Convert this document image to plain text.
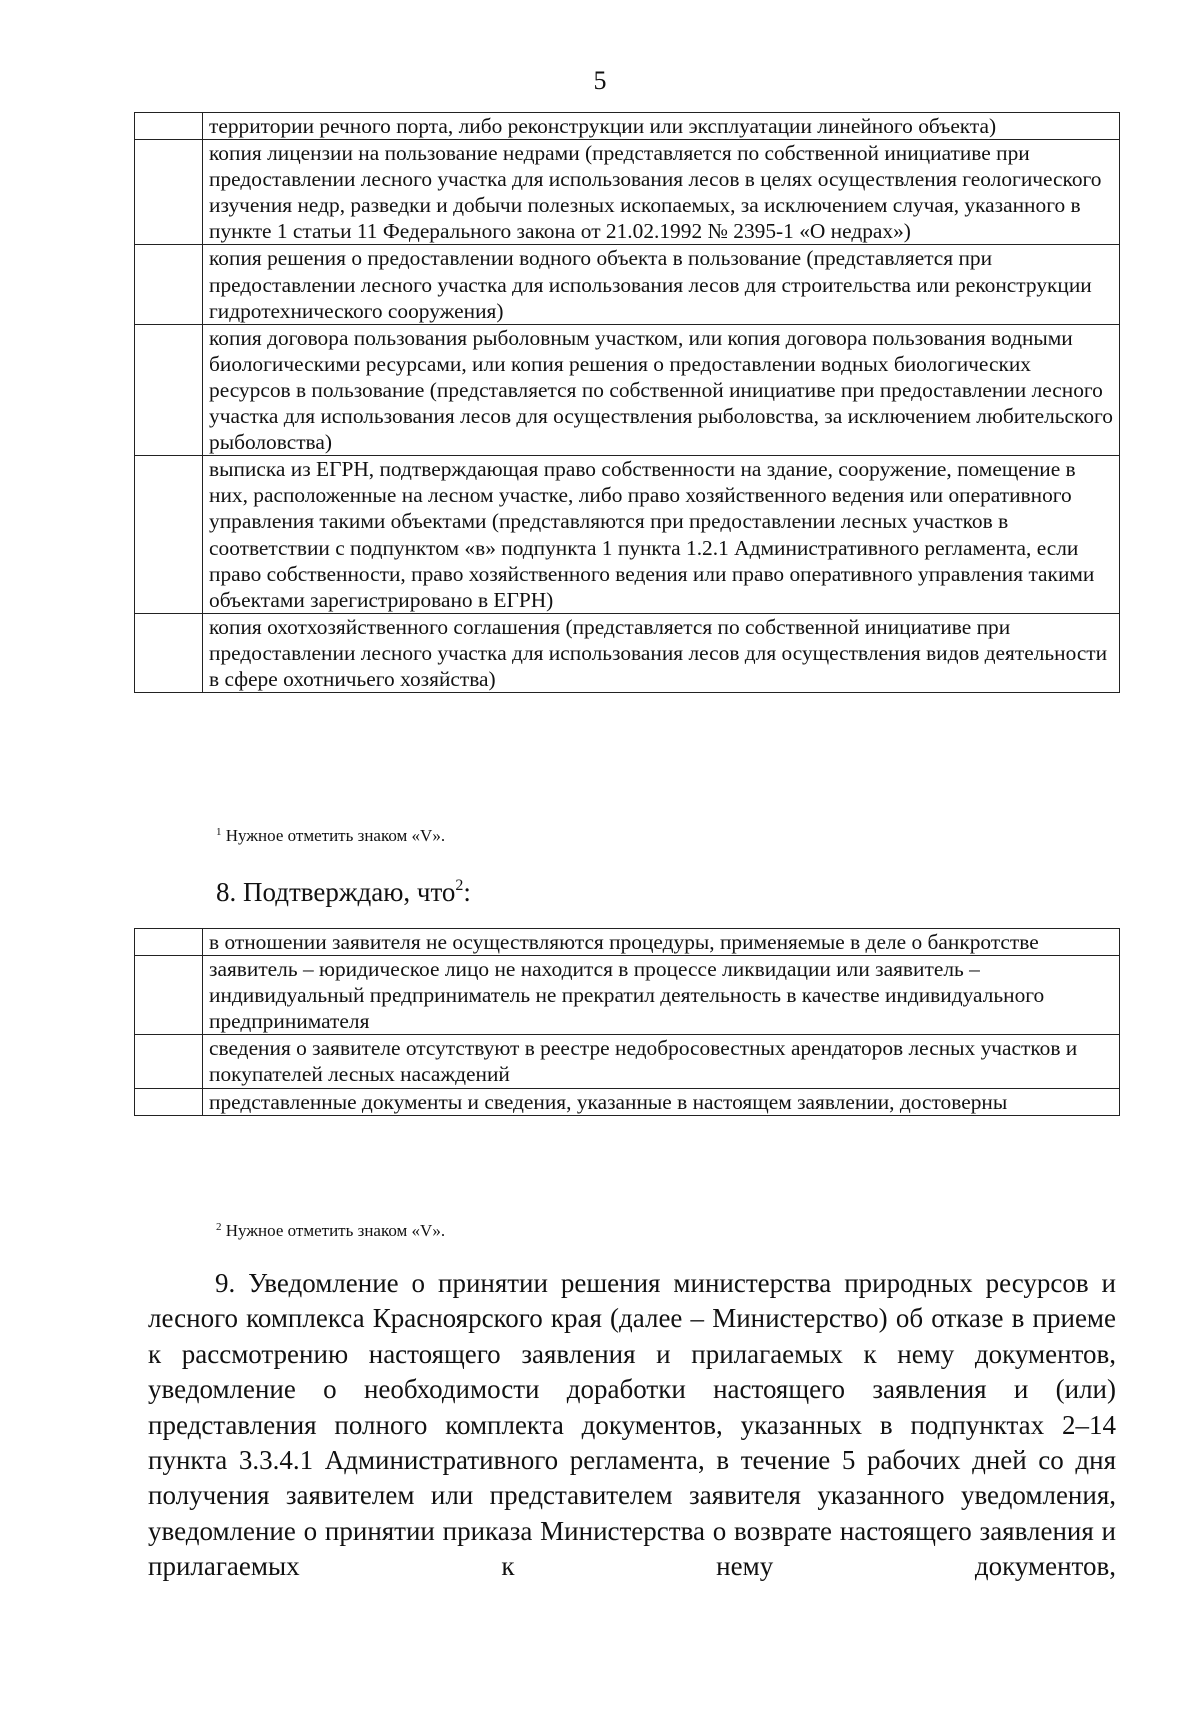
5
	территории речного порта, либо реконструкции или эксплуатации линейного объекта)
	копия лицензии на пользование недрами (представляется по собственной инициативе при предоставлении лесного участка для использования лесов в целях осуществления геологического изучения недр, разведки и добычи полезных ископаемых, за исключением случая, указанного в пункте 1 статьи 11 Федерального закона от 21.02.1992 № 2395-1 «О недрах»)
	копия решения о предоставлении водного объекта в пользование (представляется при предоставлении лесного участка для использования лесов для строительства или реконструкции гидротехнического сооружения)
	копия договора пользования рыболовным участком, или копия договора пользования водными биологическими ресурсами, или копия решения о предоставлении водных биологических ресурсов в пользование (представляется по собственной инициативе при предоставлении лесного участка для использования лесов для осуществления рыболовства, за исключением любительского рыболовства)
	выписка из ЕГРН, подтверждающая право собственности на здание, сооружение, помещение в них, расположенные на лесном участке, либо право хозяйственного ведения или оперативного управления такими объектами (представляются при предоставлении лесных участков в соответствии с подпунктом «в» подпункта 1 пункта 1.2.1 Административного регламента, если право собственности, право хозяйственного ведения или право оперативного управления такими объектами зарегистрировано в ЕГРН)
	копия охотхозяйственного соглашения (представляется по собственной инициативе при предоставлении лесного участка для использования лесов для осуществления видов деятельности в сфере охотничьего хозяйства)
$^1$ Нужное отметить знаком «V».
8. Подтверждаю, что$^2$:
	в отношении заявителя не осуществляются процедуры, применяемые в деле о банкротстве
	заявитель – юридическое лицо не находится в процессе ликвидации или заявитель – индивидуальный предприниматель не прекратил деятельность в качестве индивидуального предпринимателя
	сведения о заявителе отсутствуют в реестре недобросовестных арендаторов лесных участков и покупателей лесных насаждений
	представленные документы и сведения, указанные в настоящем заявлении, достоверны
$^2$ Нужное отметить знаком «V».

9. Уведомление о принятии решения министерства природных ресурсов и лесного комплекса Красноярского края (далее – Министерство) об отказе в приеме к рассмотрению настоящего заявления и прилагаемых к нему документов, уведомление о необходимости доработки настоящего заявления и (или) представления полного комплекта документов, указанных в подпунктах 2–14 пункта 3.3.4.1 Административного регламента, в течение 5 рабочих дней со дня получения заявителем или представителем заявителя указанного уведомления, уведомление о принятии приказа Министерства о возврате настоящего заявления и прилагаемых к нему документов,
